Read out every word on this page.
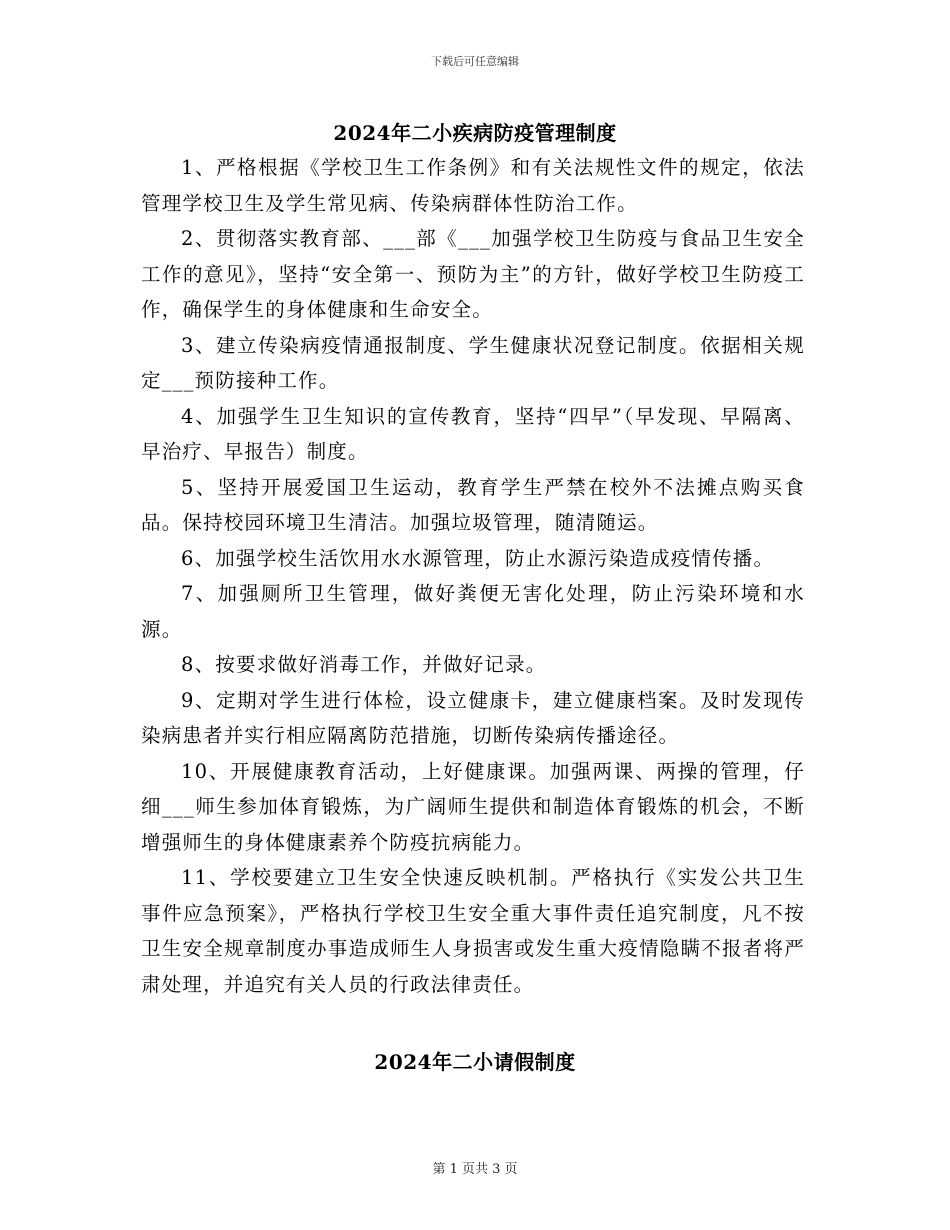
下载后可任意编辑
2024年二小疾病防疫管理制度

1、严格根据《学校卫生工作条例》和有关法规性文件的规定，依法管理学校卫生及学生常见病、传染病群体性防治工作。

2、贯彻落实教育部、___部《___加强学校卫生防疫与食品卫生安全工作的意见》，坚持“安全第一、预防为主”的方针，做好学校卫生防疫工作，确保学生的身体健康和生命安全。

3、建立传染病疫情通报制度、学生健康状况登记制度。依据相关规定___预防接种工作。

4、加强学生卫生知识的宣传教育，坚持“四早”（早发现、早隔离、早治疗、早报告）制度。

5、坚持开展爱国卫生运动，教育学生严禁在校外不法摊点购买食品。保持校园环境卫生清洁。加强垃圾管理，随清随运。

6、加强学校生活饮用水水源管理，防止水源污染造成疫情传播。

7、加强厕所卫生管理，做好粪便无害化处理，防止污染环境和水源。

8、按要求做好消毒工作，并做好记录。

9、定期对学生进行体检，设立健康卡，建立健康档案。及时发现传染病患者并实行相应隔离防范措施，切断传染病传播途径。

10、开展健康教育活动，上好健康课。加强两课、两操的管理，仔细___师生参加体育锻炼，为广阔师生提供和制造体育锻炼的机会，不断增强师生的身体健康素养个防疫抗病能力。

11、学校要建立卫生安全快速反映机制。严格执行《实发公共卫生事件应急预案》，严格执行学校卫生安全重大事件责任追究制度，凡不按卫生安全规章制度办事造成师生人身损害或发生重大疫情隐瞒不报者将严肃处理，并追究有关人员的行政法律责任。

2024年二小请假制度
第 1 页共 3 页
